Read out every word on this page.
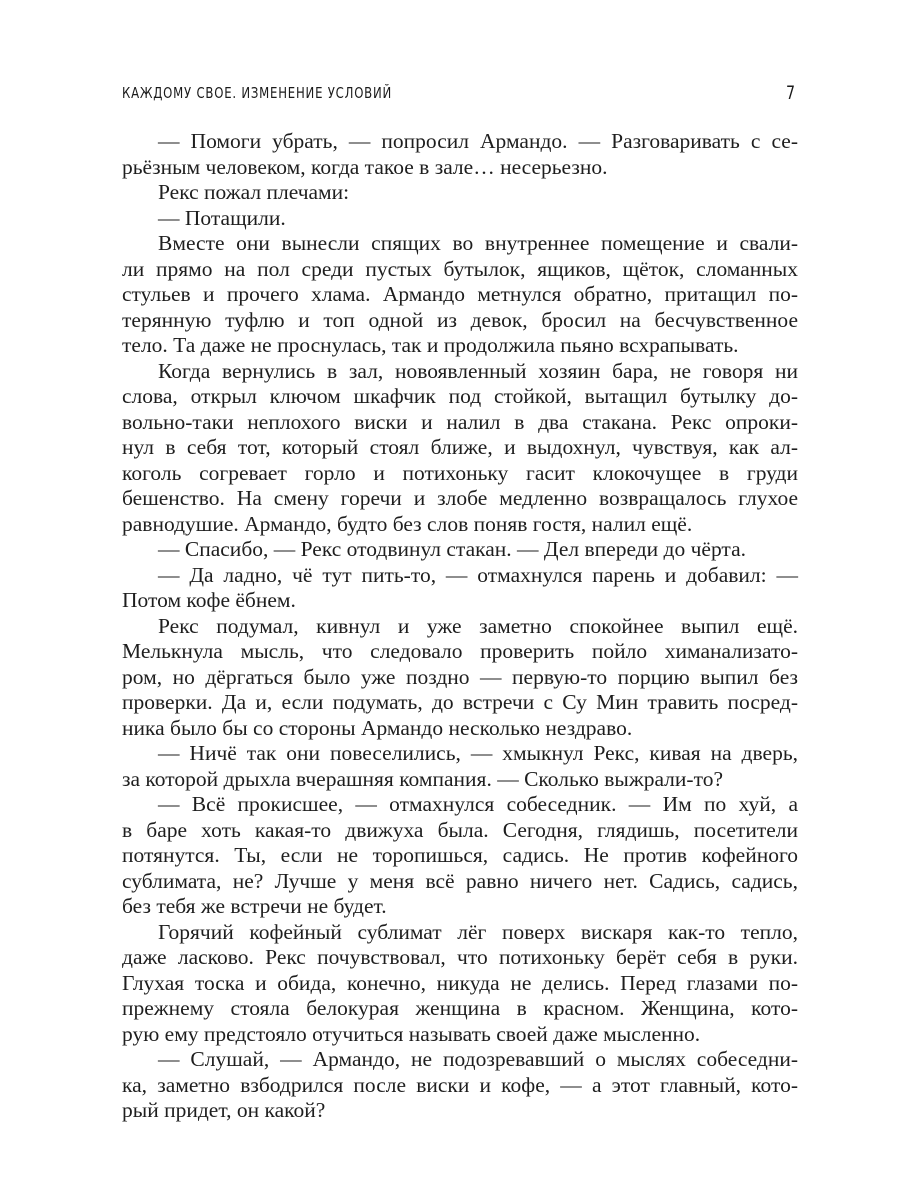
КАЖДОМУ СВОЕ. ИЗМЕНЕНИЕ УСЛОВИЙ	7
— Помоги убрать, — попросил Армандо. — Разговаривать с се-
рьёзным человеком, когда такое в зале… несерьезно.
Рекс пожал плечами:
— Потащили.
Вместе они вынесли спящих во внутреннее помещение и свали-
ли прямо на пол среди пустых бутылок, ящиков, щёток, сломанных
стульев и прочего хлама. Армандо метнулся обратно, притащил по-
терянную туфлю и топ одной из девок, бросил на бесчувственное
тело. Та даже не проснулась, так и продолжила пьяно всхрапывать.
Когда вернулись в зал, новоявленный хозяин бара, не говоря ни
слова, открыл ключом шкафчик под стойкой, вытащил бутылку до-
вольно-таки неплохого виски и налил в два стакана. Рекс опроки-
нул в себя тот, который стоял ближе, и выдохнул, чувствуя, как ал-
коголь согревает горло и потихоньку гасит клокочущее в груди
бешенство. На смену горечи и злобе медленно возвращалось глухое
равнодушие. Армандо, будто без слов поняв гостя, налил ещё.
— Спасибо, — Рекс отодвинул стакан. — Дел впереди до чёрта.
— Да ладно, чё тут пить-то, — отмахнулся парень и добавил: —
Потом кофе ёбнем.
Рекс подумал, кивнул и уже заметно спокойнее выпил ещё.
Мелькнула мысль, что следовало проверить пойло химанализато-
ром, но дёргаться было уже поздно — первую-то порцию выпил без
проверки. Да и, если подумать, до встречи с Су Мин травить посред-
ника было бы со стороны Армандо несколько нездраво.
— Ничё так они повеселились, — хмыкнул Рекс, кивая на дверь,
за которой дрыхла вчерашняя компания. — Сколько выжрали-то?
— Всё прокисшее, — отмахнулся собеседник. — Им по хуй, а
в баре хоть какая-то движуха была. Сегодня, глядишь, посетители
потянутся. Ты, если не торопишься, садись. Не против кофейного
сублимата, не? Лучше у меня всё равно ничего нет. Садись, садись,
без тебя же встречи не будет.
Горячий кофейный сублимат лёг поверх вискаря как-то тепло,
даже ласково. Рекс почувствовал, что потихоньку берёт себя в руки.
Глухая тоска и обида, конечно, никуда не делись. Перед глазами по-
прежнему стояла белокурая женщина в красном. Женщина, кото-
рую ему предстояло отучиться называть своей даже мысленно.
— Слушай, — Армандо, не подозревавший о мыслях собеседни-
ка, заметно взбодрился после виски и кофе, — а этот главный, кото-
рый придет, он какой?
